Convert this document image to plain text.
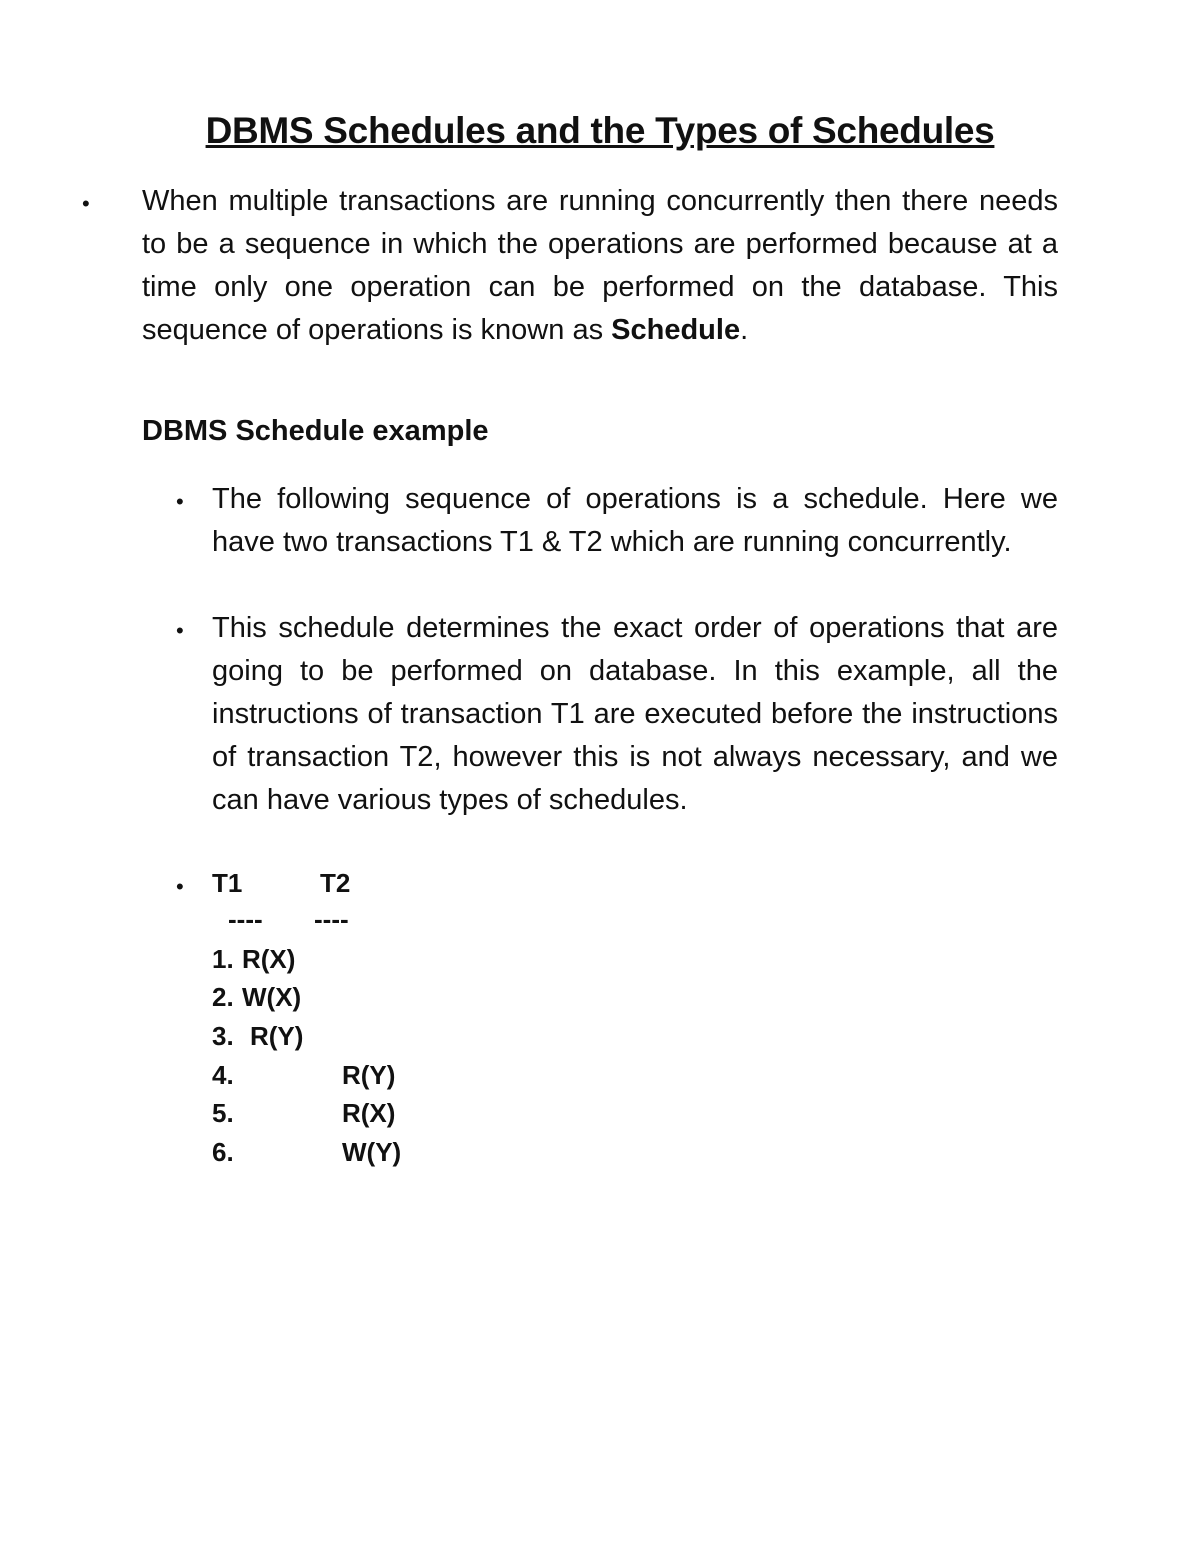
DBMS Schedules and the Types of Schedules
• When multiple transactions are running concurrently then there needs to be a sequence in which the operations are performed because at a time only one operation can be performed on the database. This sequence of operations is known as Schedule.
DBMS Schedule example
• The following sequence of operations is a schedule. Here we have two transactions T1 & T2 which are running concurrently.
• This schedule determines the exact order of operations that are going to be performed on database. In this example, all the instructions of transaction T1 are executed before the instructions of transaction T2, however this is not always necessary, and we can have various types of schedules.
• T1	T2
---- ----
1. R(X)
2. W(X)
3. R(Y)
4.	R(Y)
5.	R(X)
6.	W(Y)
